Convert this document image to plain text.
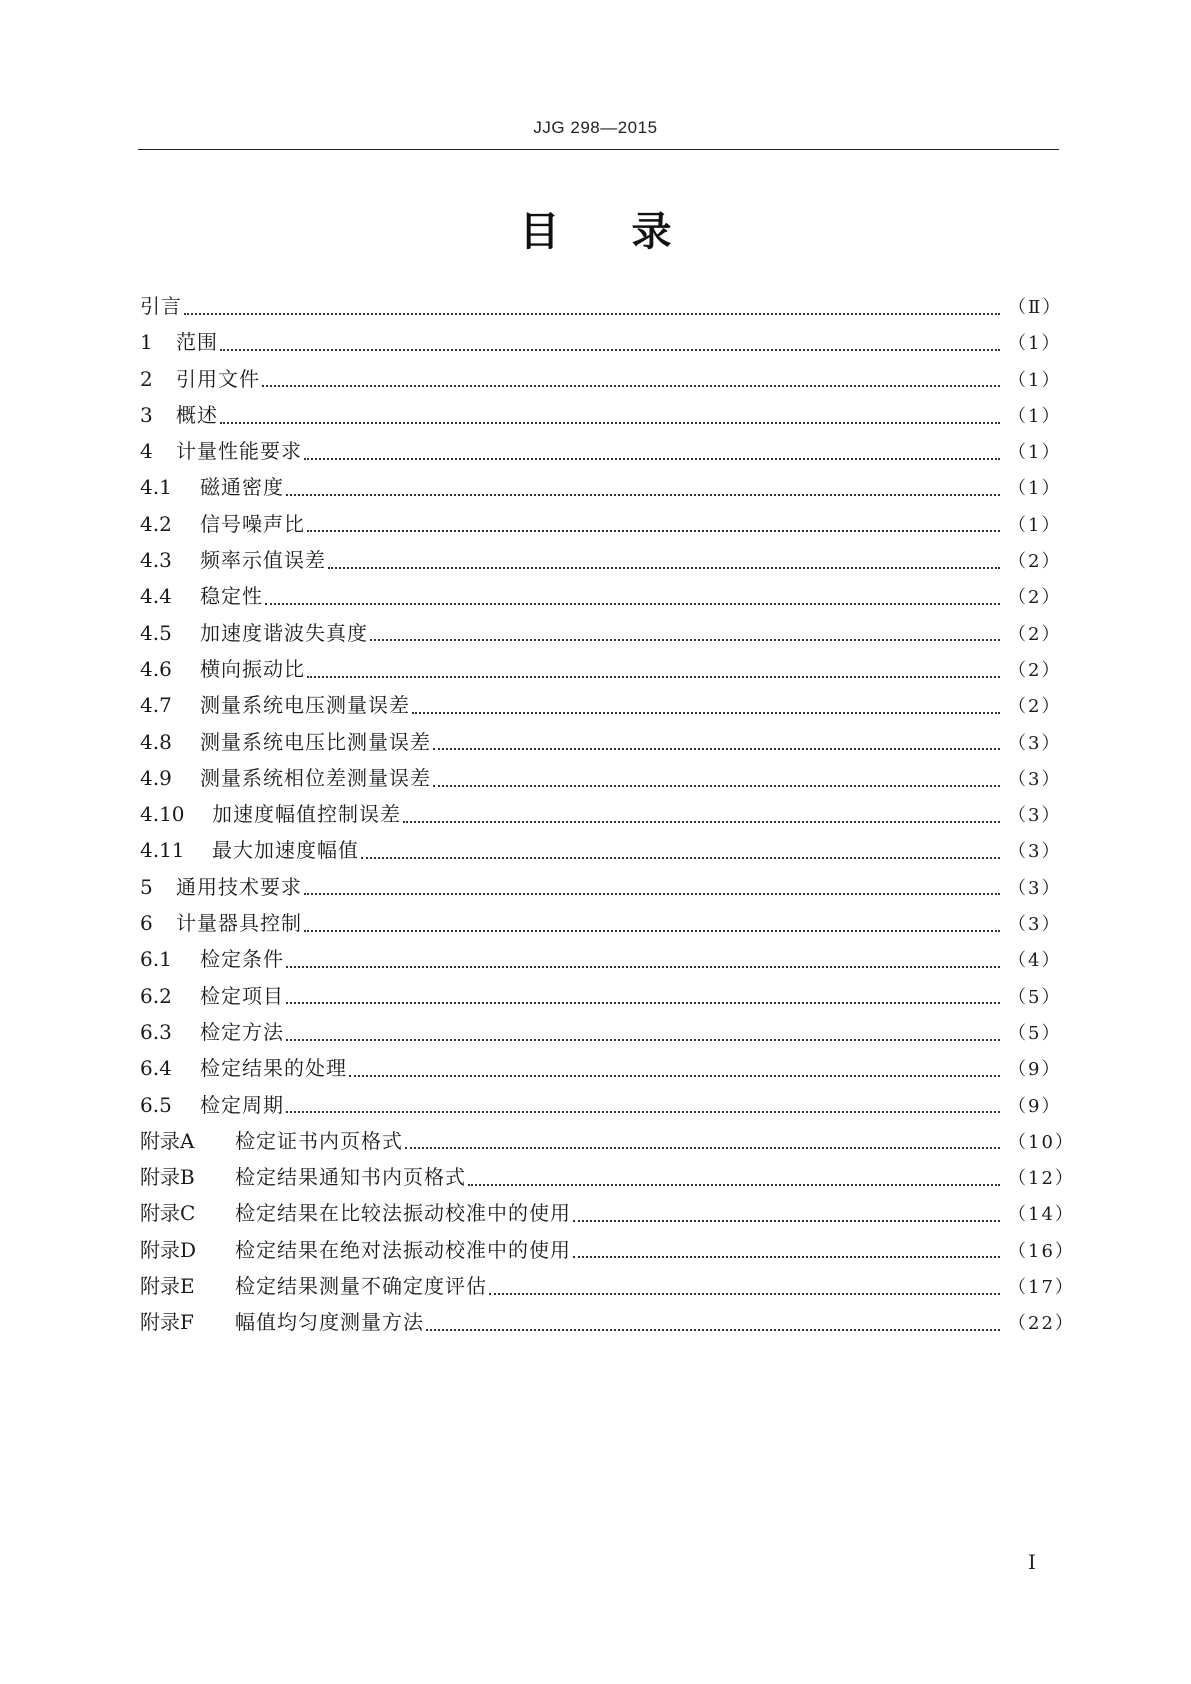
JJG 298—2015
目录
引言	（Ⅱ）
1	范围	（1）
2	引用文件	（1）
3	概述	（1）
4	计量性能要求	（1）
4.1	磁通密度	（1）
4.2	信号噪声比	（1）
4.3	频率示值误差	（2）
4.4	稳定性	（2）
4.5	加速度谐波失真度	（2）
4.6	横向振动比	（2）
4.7	测量系统电压测量误差	（2）
4.8	测量系统电压比测量误差	（3）
4.9	测量系统相位差测量误差	（3）
4.10	加速度幅值控制误差	（3）
4.11	最大加速度幅值	（3）
5	通用技术要求	（3）
6	计量器具控制	（3）
6.1	检定条件	（4）
6.2	检定项目	（5）
6.3	检定方法	（5）
6.4	检定结果的处理	（9）
6.5	检定周期	（9）
附录A	检定证书内页格式	（10）
附录B	检定结果通知书内页格式	（12）
附录C	检定结果在比较法振动校准中的使用	（14）
附录D	检定结果在绝对法振动校准中的使用	（16）
附录E	检定结果测量不确定度评估	（17）
附录F	幅值均匀度测量方法	（22）
I
